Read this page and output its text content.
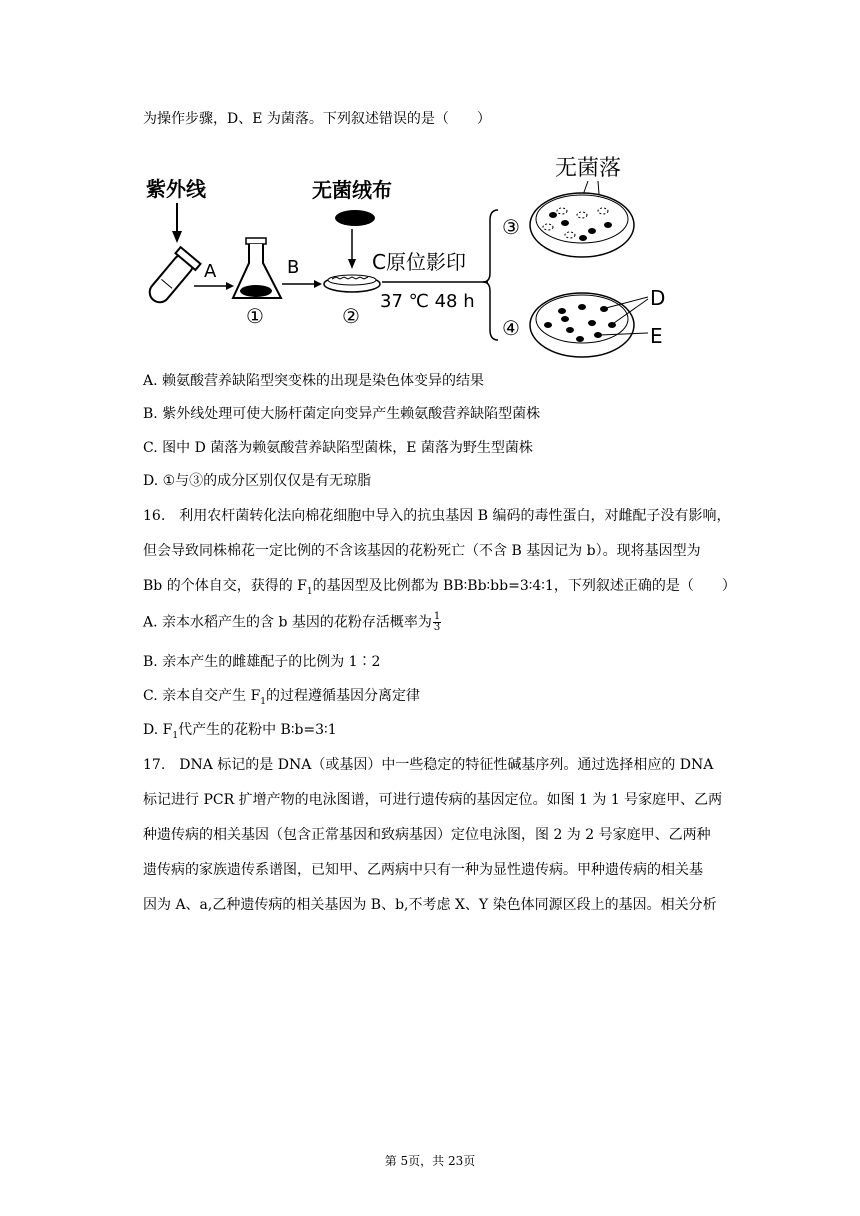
为操作步骤，D、E 为菌落。下列叙述错误的是（　　）
紫外线
A
①
B
无菌绒布
②
C原位影印
37 ℃ 48 h
③
④
无菌落
D
E
A. 赖氨酸营养缺陷型突变株的出现是染色体变异的结果
B. 紫外线处理可使大肠杆菌定向变异产生赖氨酸营养缺陷型菌株
C. 图中 D 菌落为赖氨酸营养缺陷型菌株，E 菌落为野生型菌株
D. ①与③的成分区别仅仅是有无琼脂
16.　利用农杆菌转化法向棉花细胞中导入的抗虫基因 B 编码的毒性蛋白，对雌配子没有影响，
但会导致同株棉花一定比例的不含该基因的花粉死亡（不含 B 基因记为 b）。现将基因型为
Bb 的个体自交，获得的 $F_1$的基因型及比例都为 BB∶Bb∶bb=3∶4∶1，下列叙述正确的是（　　）
A. 亲本水稻产生的含 b 基因的花粉存活概率为 $\frac{1}{3}$
B. 亲本产生的雌雄配子的比例为 1∶2
C. 亲本自交产生 $F_1$的过程遵循基因分离定律
D. $F_1$代产生的花粉中 B∶b=3∶1
17.　DNA 标记的是 DNA（或基因）中一些稳定的特征性碱基序列。通过选择相应的 DNA
标记进行 PCR 扩增产物的电泳图谱，可进行遗传病的基因定位。如图 1 为 1 号家庭甲、乙两
种遗传病的相关基因（包含正常基因和致病基因）定位电泳图，图 2 为 2 号家庭甲、乙两种
遗传病的家族遗传系谱图，已知甲、乙两病中只有一种为显性遗传病。甲种遗传病的相关基
因为 A、a,乙种遗传病的相关基因为 B、b,不考虑 X、Y 染色体同源区段上的基因。相关分析
第 5页，共 23页
